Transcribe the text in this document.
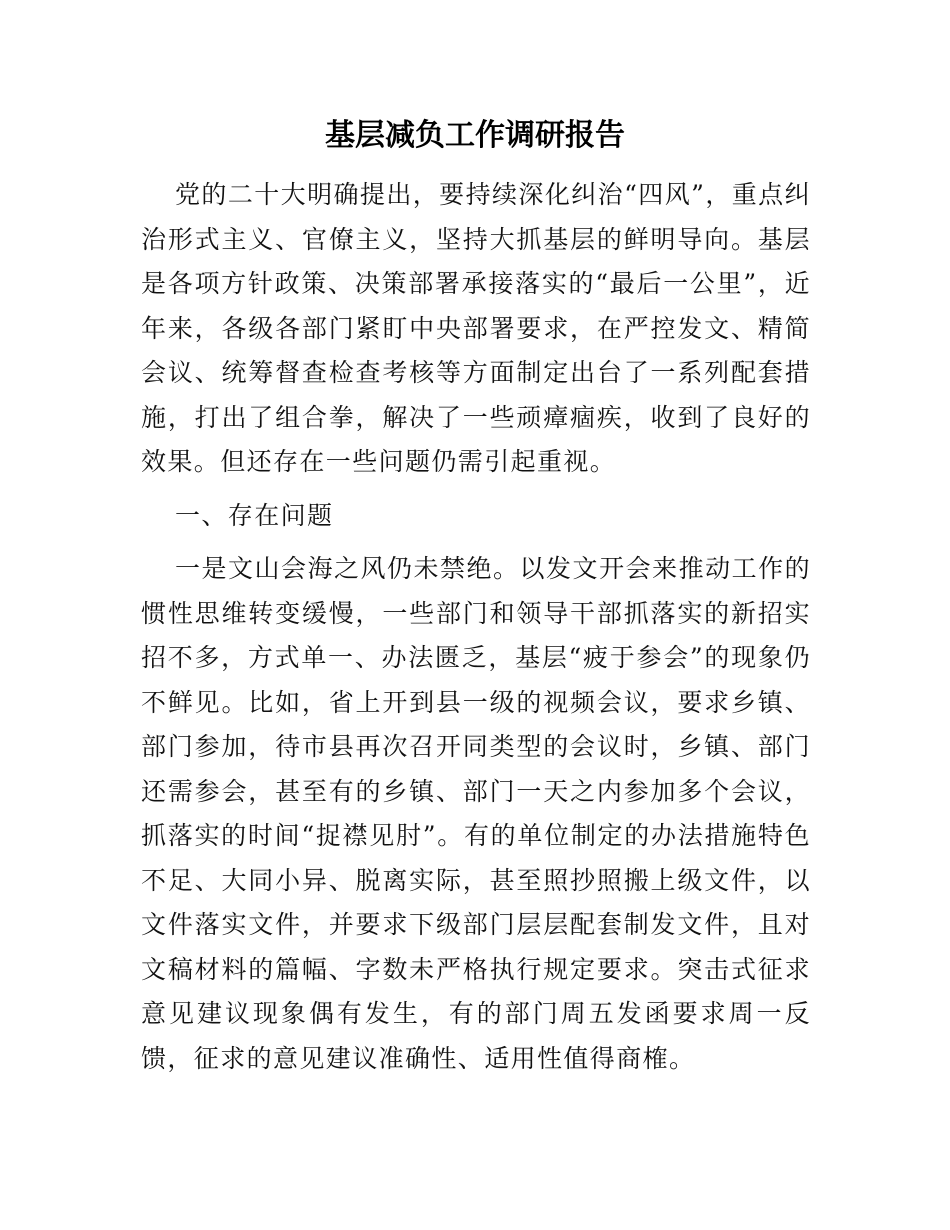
基层减负工作调研报告

党的二十大明确提出，要持续深化纠治“四风”，重点纠治形式主义、官僚主义，坚持大抓基层的鲜明导向。基层是各项方针政策、决策部署承接落实的“最后一公里”，近年来，各级各部门紧盯中央部署要求，在严控发文、精简会议、统筹督查检查考核等方面制定出台了一系列配套措施，打出了组合拳，解决了一些顽瘴痼疾，收到了良好的效果。但还存在一些问题仍需引起重视。

一、存在问题

一是文山会海之风仍未禁绝。以发文开会来推动工作的惯性思维转变缓慢，一些部门和领导干部抓落实的新招实招不多，方式单一、办法匮乏，基层“疲于参会”的现象仍不鲜见。比如，省上开到县一级的视频会议，要求乡镇、部门参加，待市县再次召开同类型的会议时，乡镇、部门还需参会，甚至有的乡镇、部门一天之内参加多个会议，抓落实的时间“捉襟见肘”。有的单位制定的办法措施特色不足、大同小异、脱离实际，甚至照抄照搬上级文件，以文件落实文件，并要求下级部门层层配套制发文件，且对文稿材料的篇幅、字数未严格执行规定要求。突击式征求意见建议现象偶有发生，有的部门周五发函要求周一反馈，征求的意见建议准确性、适用性值得商榷。
